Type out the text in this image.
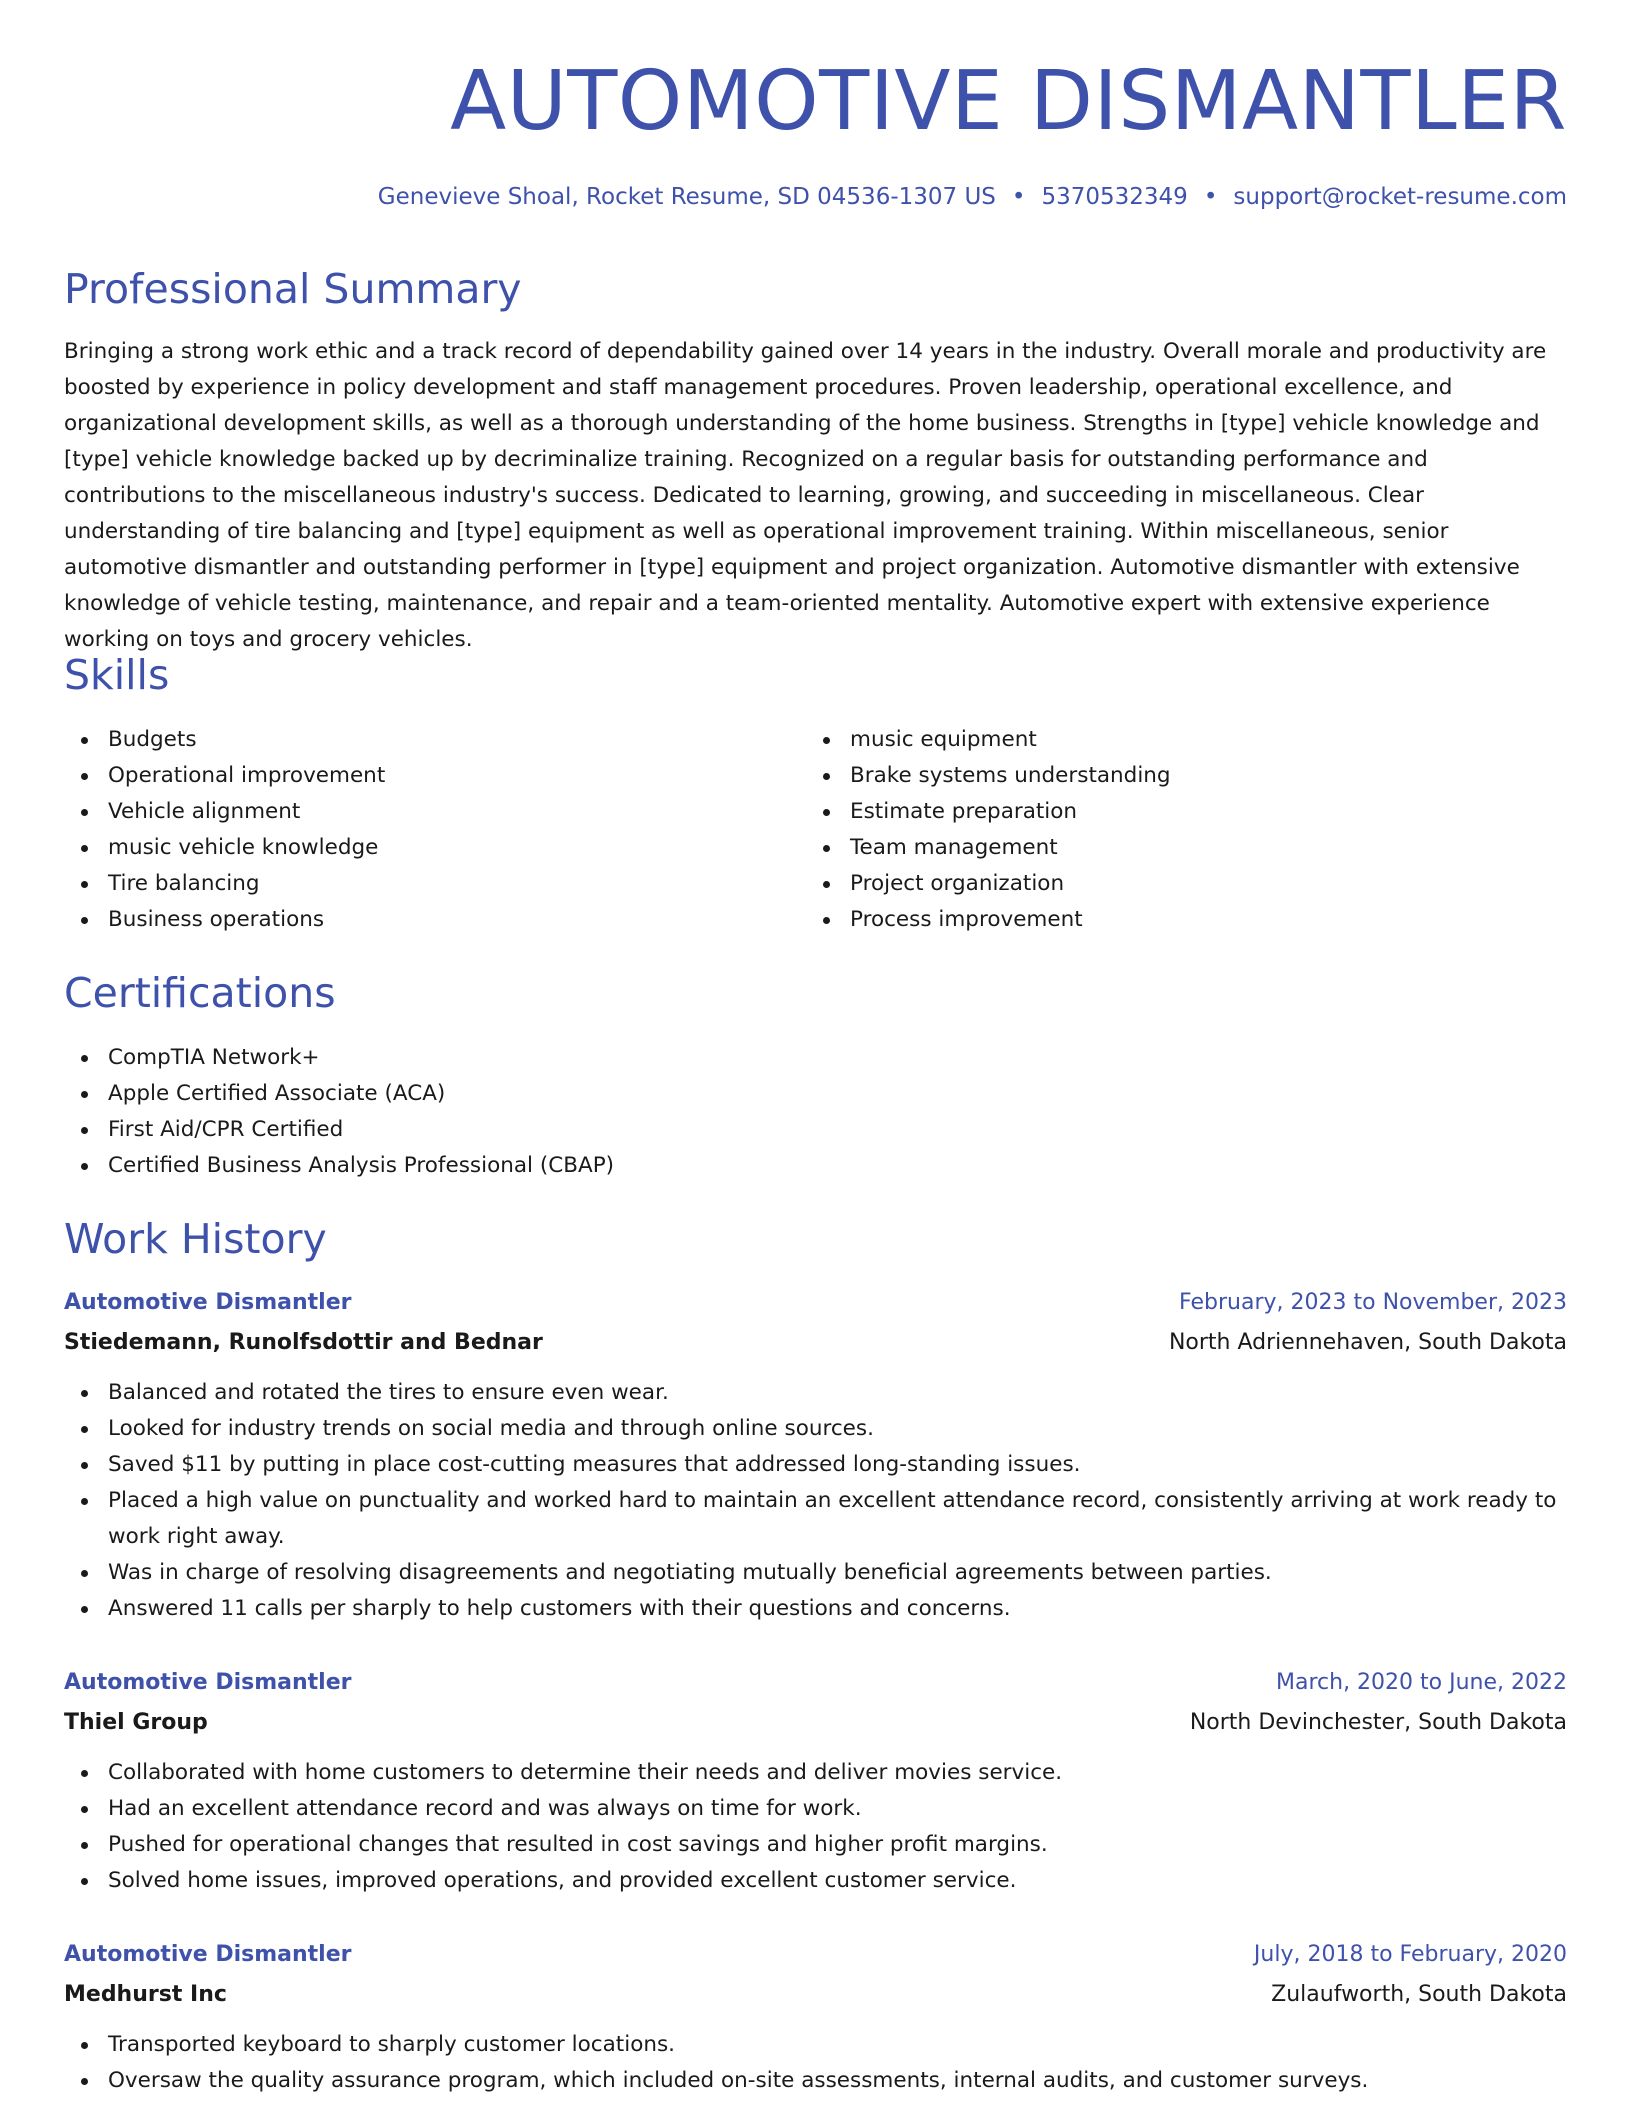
AUTOMOTIVE DISMANTLER
Genevieve Shoal, Rocket Resume, SD 04536-1307 US • 5370532349 • support@rocket-resume.com
Professional Summary

Bringing a strong work ethic and a track record of dependability gained over 14 years in the industry. Overall morale and productivity are boosted by experience in policy development and staff management procedures. Proven leadership, operational excellence, and organizational development skills, as well as a thorough understanding of the home business. Strengths in [type] vehicle knowledge and [type] vehicle knowledge backed up by decriminalize training. Recognized on a regular basis for outstanding performance and contributions to the miscellaneous industry's success. Dedicated to learning, growing, and succeeding in miscellaneous. Clear understanding of tire balancing and [type] equipment as well as operational improvement training. Within miscellaneous, senior automotive dismantler and outstanding performer in [type] equipment and project organization. Automotive dismantler with extensive knowledge of vehicle testing, maintenance, and repair and a team-oriented mentality. Automotive expert with extensive experience working on toys and grocery vehicles.

Skills
Budgets
Operational improvement
Vehicle alignment
music vehicle knowledge
Tire balancing
Business operations
music equipment
Brake systems understanding
Estimate preparation
Team management
Project organization
Process improvement
Certifications
CompTIA Network+
Apple Certified Associate (ACA)
First Aid/CPR Certified
Certified Business Analysis Professional (CBAP)
Work History
Automotive Dismantler	February, 2023 to November, 2023
Stiedemann, Runolfsdottir and Bednar	North Adriennehaven, South Dakota
Balanced and rotated the tires to ensure even wear.
Looked for industry trends on social media and through online sources.
Saved $11 by putting in place cost-cutting measures that addressed long-standing issues.
Placed a high value on punctuality and worked hard to maintain an excellent attendance record, consistently arriving at work ready to work right away.
Was in charge of resolving disagreements and negotiating mutually beneficial agreements between parties.
Answered 11 calls per sharply to help customers with their questions and concerns.
Automotive Dismantler	March, 2020 to June, 2022
Thiel Group	North Devinchester, South Dakota
Collaborated with home customers to determine their needs and deliver movies service.
Had an excellent attendance record and was always on time for work.
Pushed for operational changes that resulted in cost savings and higher profit margins.
Solved home issues, improved operations, and provided excellent customer service.
Automotive Dismantler	July, 2018 to February, 2020
Medhurst Inc	Zulaufworth, South Dakota
Transported keyboard to sharply customer locations.
Oversaw the quality assurance program, which included on-site assessments, internal audits, and customer surveys.
